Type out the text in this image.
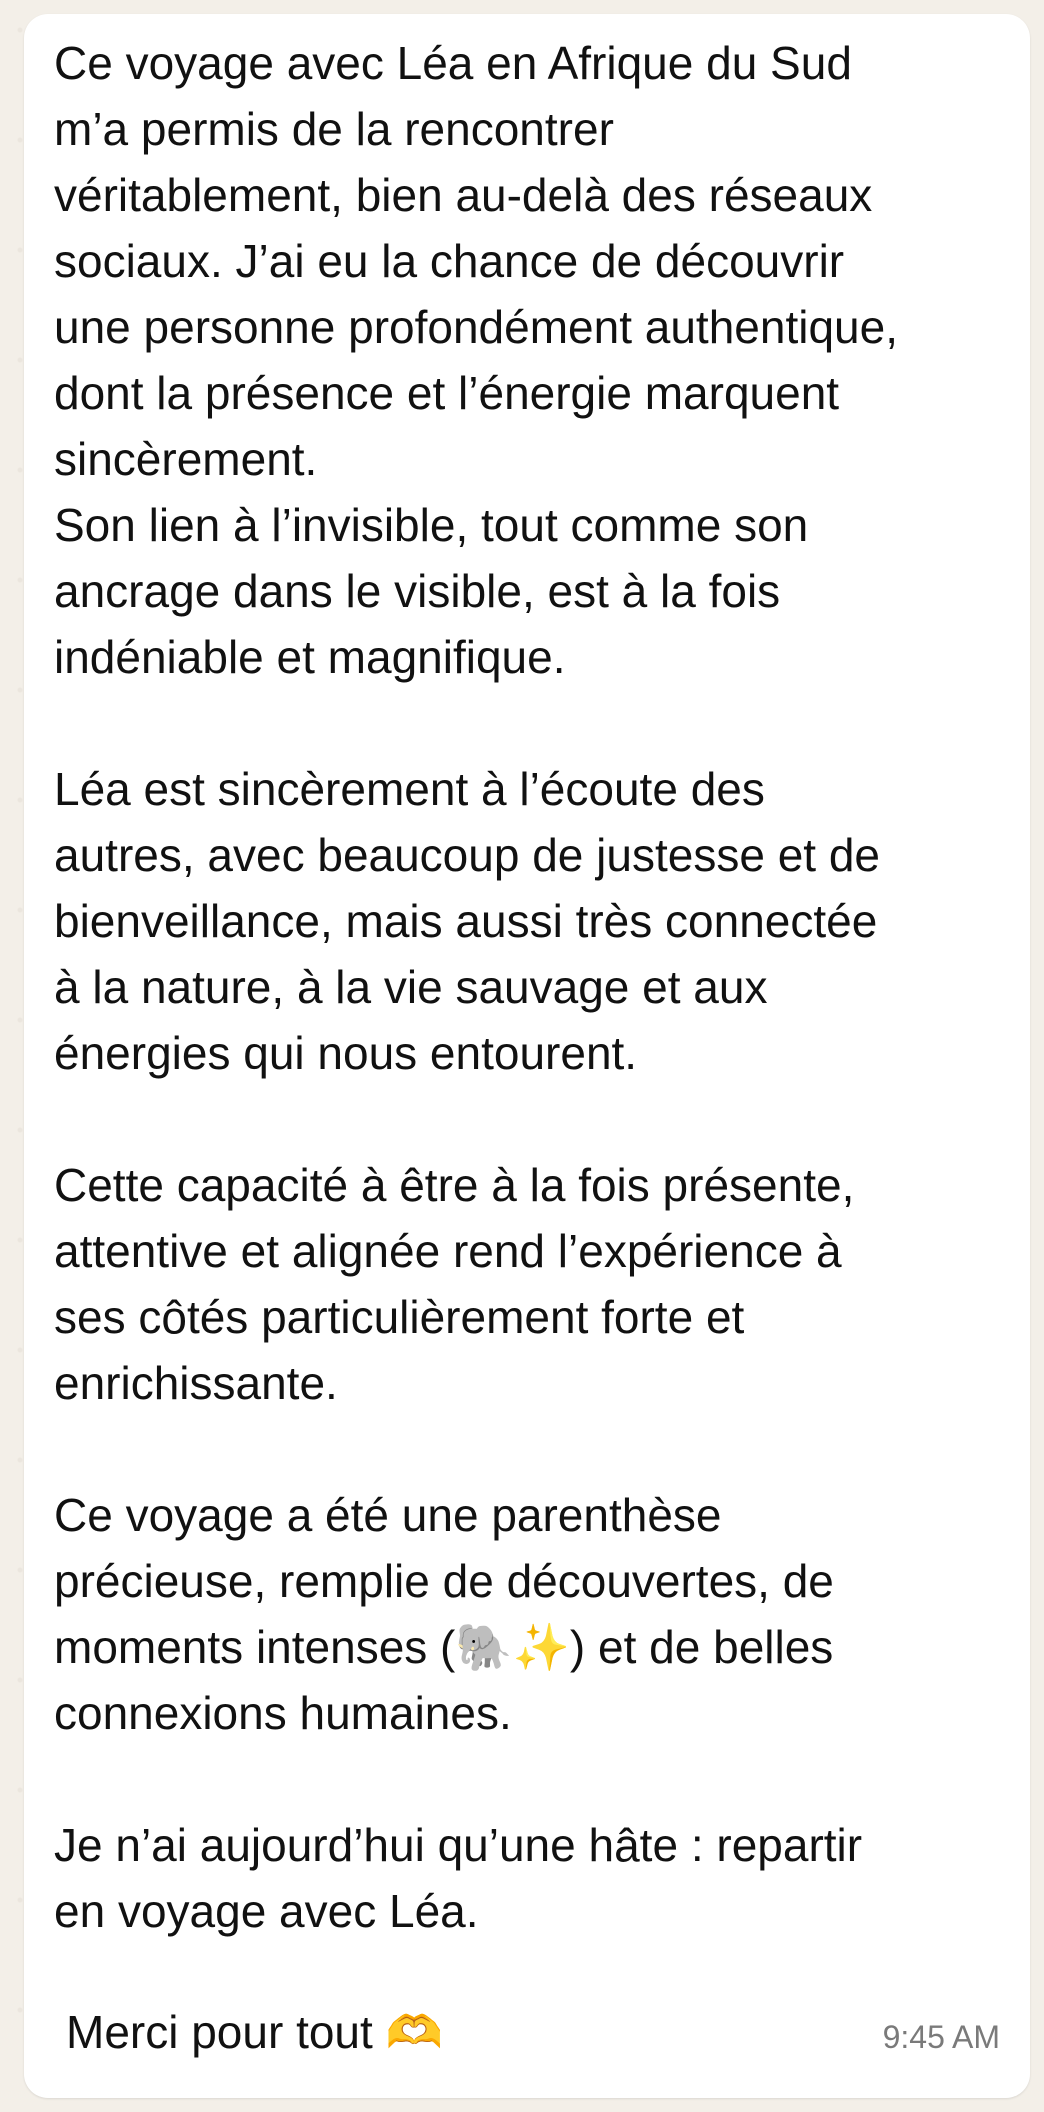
Ce voyage avec Léa en Afrique du Sud
m’a permis de la rencontrer
véritablement, bien au-delà des réseaux
sociaux. J’ai eu la chance de découvrir
une personne profondément authentique,
dont la présence et l’énergie marquent
sincèrement.
Son lien à l’invisible, tout comme son
ancrage dans le visible, est à la fois
indéniable et magnifique.

Léa est sincèrement à l’écoute des
autres, avec beaucoup de justesse et de
bienveillance, mais aussi très connectée
à la nature, à la vie sauvage et aux
énergies qui nous entourent.

Cette capacité à être à la fois présente,
attentive et alignée rend l’expérience à
ses côtés particulièrement forte et
enrichissante.

Ce voyage a été une parenthèse
précieuse, remplie de découvertes, de
moments intenses (🐘✨) et de belles
connexions humaines.

Je n’ai aujourd’hui qu’une hâte : repartir
en voyage avec Léa.

Merci pour tout 🫶	9:45 AM
